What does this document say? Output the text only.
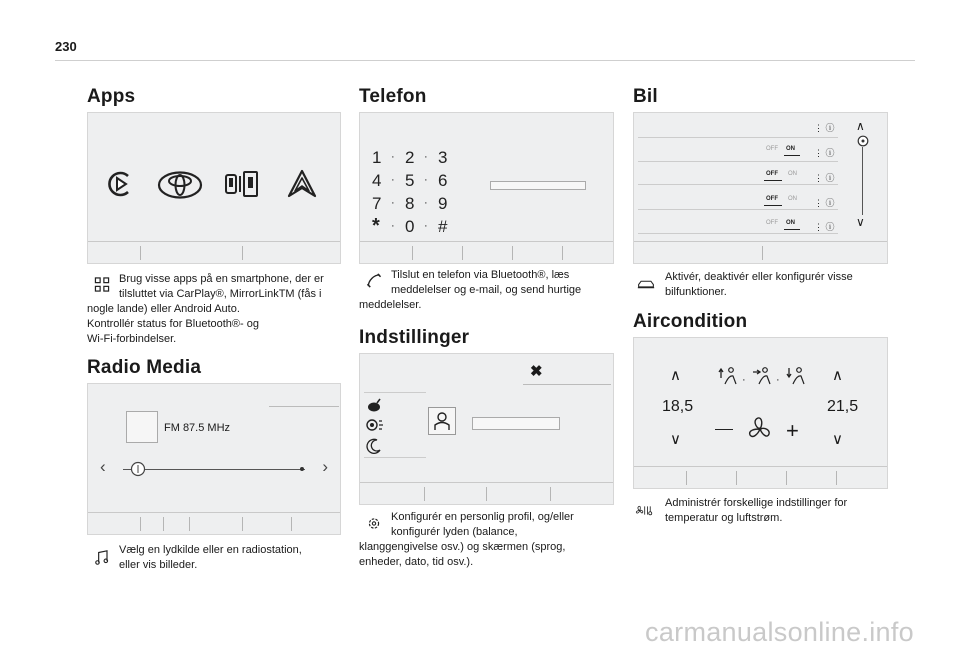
230
Apps
Brug visse apps på en smartphone, der er
tilsluttet via CarPlay®, MirrorLinkTM (fås i
nogle lande) eller Android Auto.
Kontrollér status for Bluetooth®- og
Wi-Fi-forbindelser.
Radio Media
FM 87.5 MHz
‹	›
Vælg en lydkilde eller en radiostation,
eller vis billeder.
Telefon
1 2 3
·	·
4 5 6
·	·
7 8 9
·	·
* 0 #
·	·
Tilslut en telefon via Bluetooth®, læs
meddelelser og e-mail, og send hurtige
meddelelser.
Indstillinger
✖
Konfigurér en personlig profil, og/eller
konfigurér lyden (balance,
klanggengivelse osv.) og skærmen (sprog,
enheder, dato, tid osv.).
Bil
⋮ ⓘ
⋮ ⓘ
⋮ ⓘ
⋮ ⓘ
⋮ ⓘ
OFF ON
OFF ON
OFF ON
OFF ON
∧
∨
Aktivér, deaktivér eller konfigurér visse
bilfunktioner.
Aircondition
∧
18,5
∨
∧
21,5
∨
·	·
+
Administrér forskellige indstillinger for
temperatur og luftstrøm.
carmanualsonline.info
